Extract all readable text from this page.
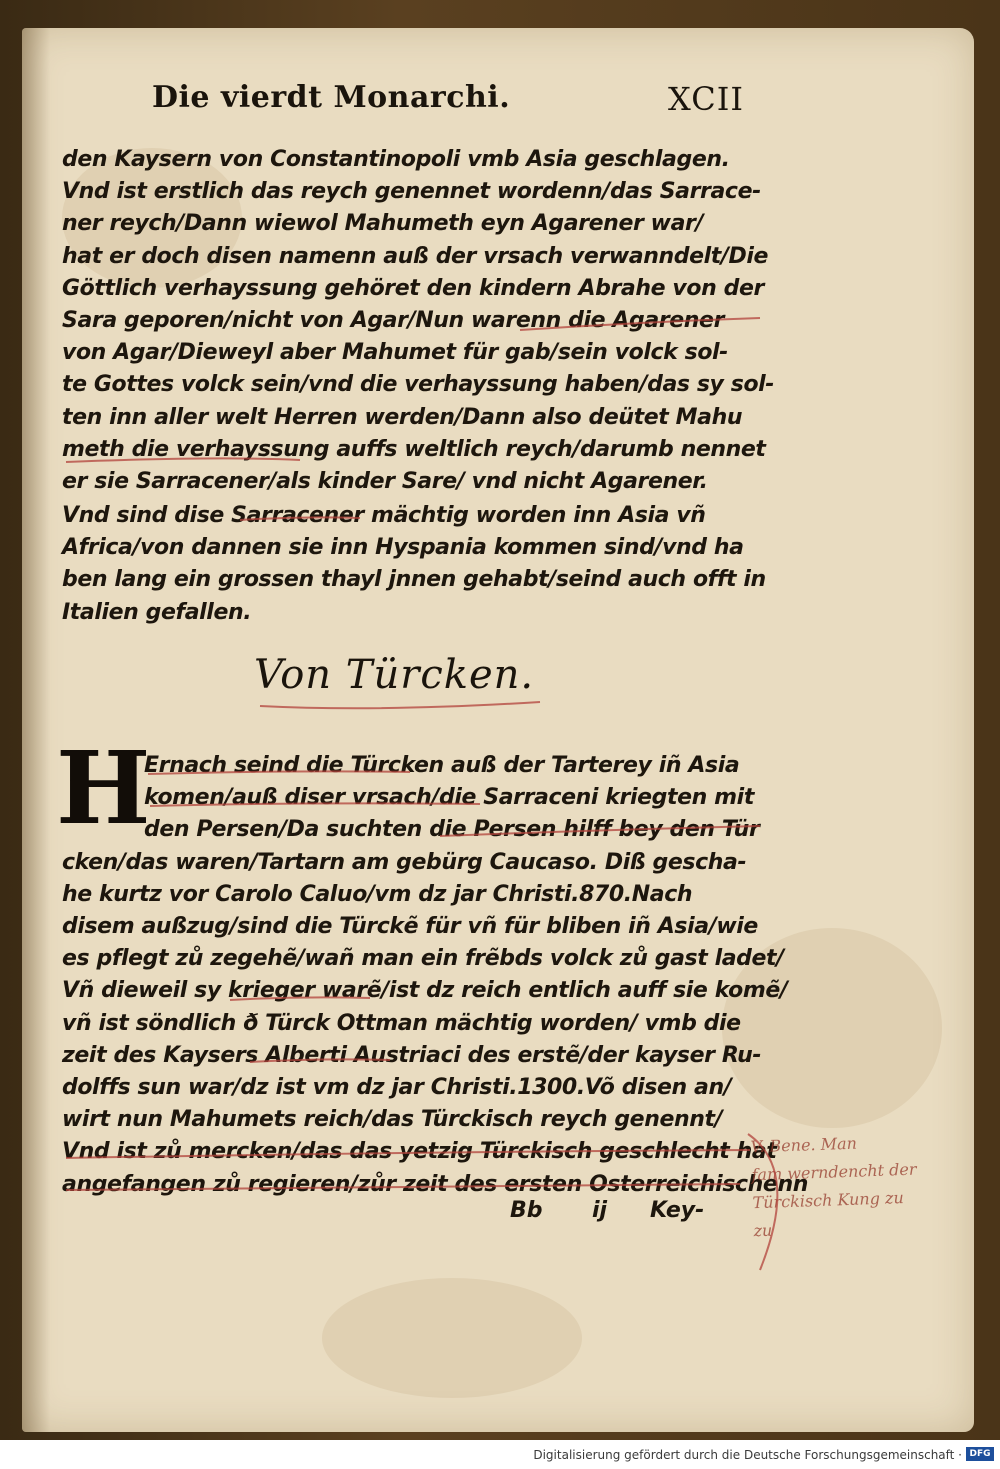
Die vierdt Monarchi.	XCII
den Kaysern von Constantinopoli vmb Asia geschlagen.
Vnd ist erstlich das reych genennet wordenn/das Sarrace-
ner reych/Dann wiewol Mahumeth eyn Agarener war/
hat er doch disen namenn auß der vrsach verwanndelt/Die
Göttlich verhayssung gehöret den kindern Abrahe von der
Sara geporen/nicht von Agar/Nun warenn die Agarener
von Agar/Dieweyl aber Mahumet für gab/sein volck sol-
te Gottes volck sein/vnd die verhayssung haben/das sy sol-
ten inn aller welt Herren werden/Dann also deütet Mahu
meth die verhayssung auffs weltlich reych/darumb nennet
er sie Sarracener/als kinder Sare/ vnd nicht Agarener.
Vnd sind dise Sarracener mächtig worden inn Asia vñ
Africa/von dannen sie inn Hyspania kommen sind/vnd ha
ben lang ein grossen thayl jnnen gehabt/seind auch offt in
Italien gefallen.
Von Türcken.
H
Ernach seind die Türcken auß der Tarterey iñ Asia
komen/auß diser vrsach/die Sarraceni kriegten mit
den Persen/Da suchten die Persen hilff bey den Tür
cken/das waren/Tartarn am gebürg Caucaso. Diß gescha-
he kurtz vor Carolo Caluo/vm dz jar Christi.870.Nach
disem außzug/sind die Türckẽ für vñ für bliben iñ Asia/wie
es pflegt zů zegehẽ/wañ man ein frẽbds volck zů gast ladet/
Vñ dieweil sy krieger warẽ/ist dz reich entlich auff sie komẽ/
vñ ist söndlich ð Türck Ottman mächtig worden/ vmb die
zeit des Kaysers Alberti Austriaci des erstẽ/der kayser Ru-
dolffs sun war/dz ist vm dz jar Christi.1300.Võ disen an/
wirt nun Mahumets reich/das Türckisch reych genennt/
Vnd ist zů mercken/das das yetzig Türckisch geschlecht hat
angefangen zů regieren/zůr zeit des ersten Osterreichischenn
Bb ij Key-
V. Bene. Man
fam werndencht der
Türckisch Kung zu
zu
Digitalisierung gefördert durch die Deutsche Forschungsgemeinschaft · DFG
